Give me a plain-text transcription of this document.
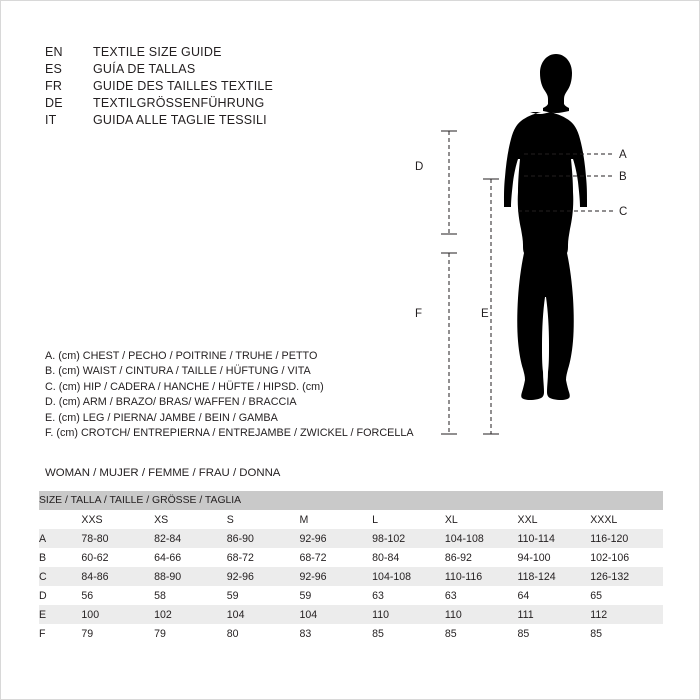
EN	TEXTILE SIZE GUIDE
ES	GUÍA DE TALLAS
FR	GUIDE DES TAILLES TEXTILE
DE	TEXTILGRÖSSENFÜHRUNG
IT	GUIDA ALLE TAGLIE TESSILI
A. (cm) CHEST / PECHO / POITRINE / TRUHE / PETTO
B. (cm) WAIST / CINTURA / TAILLE / HÜFTUNG / VITA
C. (cm) HIP / CADERA / HANCHE / HÜFTE / HIPSD. (cm)
D. (cm) ARM / BRAZO/ BRAS/ WAFFEN / BRACCIA
E. (cm) LEG / PIERNA/ JAMBE / BEIN / GAMBA
F. (cm) CROTCH/ ENTREPIERNA / ENTREJAMBE / ZWICKEL / FORCELLA
WOMAN / MUJER / FEMME / FRAU / DONNA
SIZE / TALLA / TAILLE / GRÖSSE / TAGLIA								
	XXS	XS	S	M	L	XL	XXL	XXXL
A	78-80	82-84	86-90	92-96	98-102	104-108	110-114	116-120
B	60-62	64-66	68-72	68-72	80-84	86-92	94-100	102-106
C	84-86	88-90	92-96	92-96	104-108	110-116	118-124	126-132
D	56	58	59	59	63	63	64	65
E	100	102	104	104	110	110	111	112
F	79	79	80	83	85	85	85	85
A
B
C
D
E
F
